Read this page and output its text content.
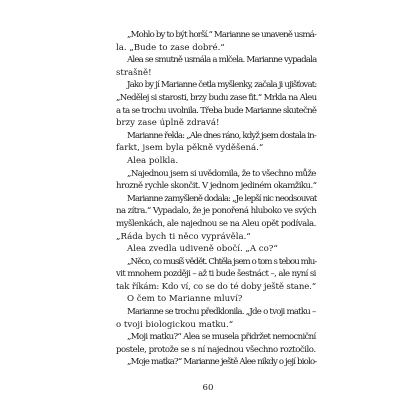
„Mohlo by to být horší.“ Marianne se unaveně usmá-
la. „Bude to zase dobré.“
Alea se smutně usmála a mlčela. Marianne vypadala
strašně!
Jako by jí Marianne četla myšlenky, začala ji ujišťovat:
„Nedělej si starosti, brzy budu zase fit.“ Mrkla na Aleu
a ta se trochu uvolnila. Třeba bude Marianne skutečně
brzy zase úplně zdravá!
Marianne řekla: „Ale dnes ráno, když jsem dostala in-
farkt, jsem byla pěkně vyděšená.“
Alea polkla.
„Najednou jsem si uvědomila, že to všechno může
hrozně rychle skončit. V jednom jediném okamžiku.“
Marianne zamyšleně dodala: „Je lepší nic neodsouvat
na zítra.“ Vypadalo, že je ponořená hluboko ve svých
myšlenkách, ale najednou se na Aleu opět podívala.
„Ráda bych ti něco vyprávěla.“
Alea zvedla udiveně obočí. „A co?“
„Něco, co musíš vědět. Chtěla jsem o tom s tebou mlu-
vit mnohem později – až ti bude šestnáct –, ale nyní si
tak říkám: Kdo ví, co se do té doby ještě stane.“
O čem to Marianne mluví?
Marianne se trochu předklonila. „Jde o tvoji matku –
o tvoji biologickou matku.“
„Moji matku?“ Alea se musela přidržet nemocniční
postele, protože se s ní najednou všechno roztočilo.
„Moje matka?“ Marianne ještě Alee nikdy o její biolo-
60
